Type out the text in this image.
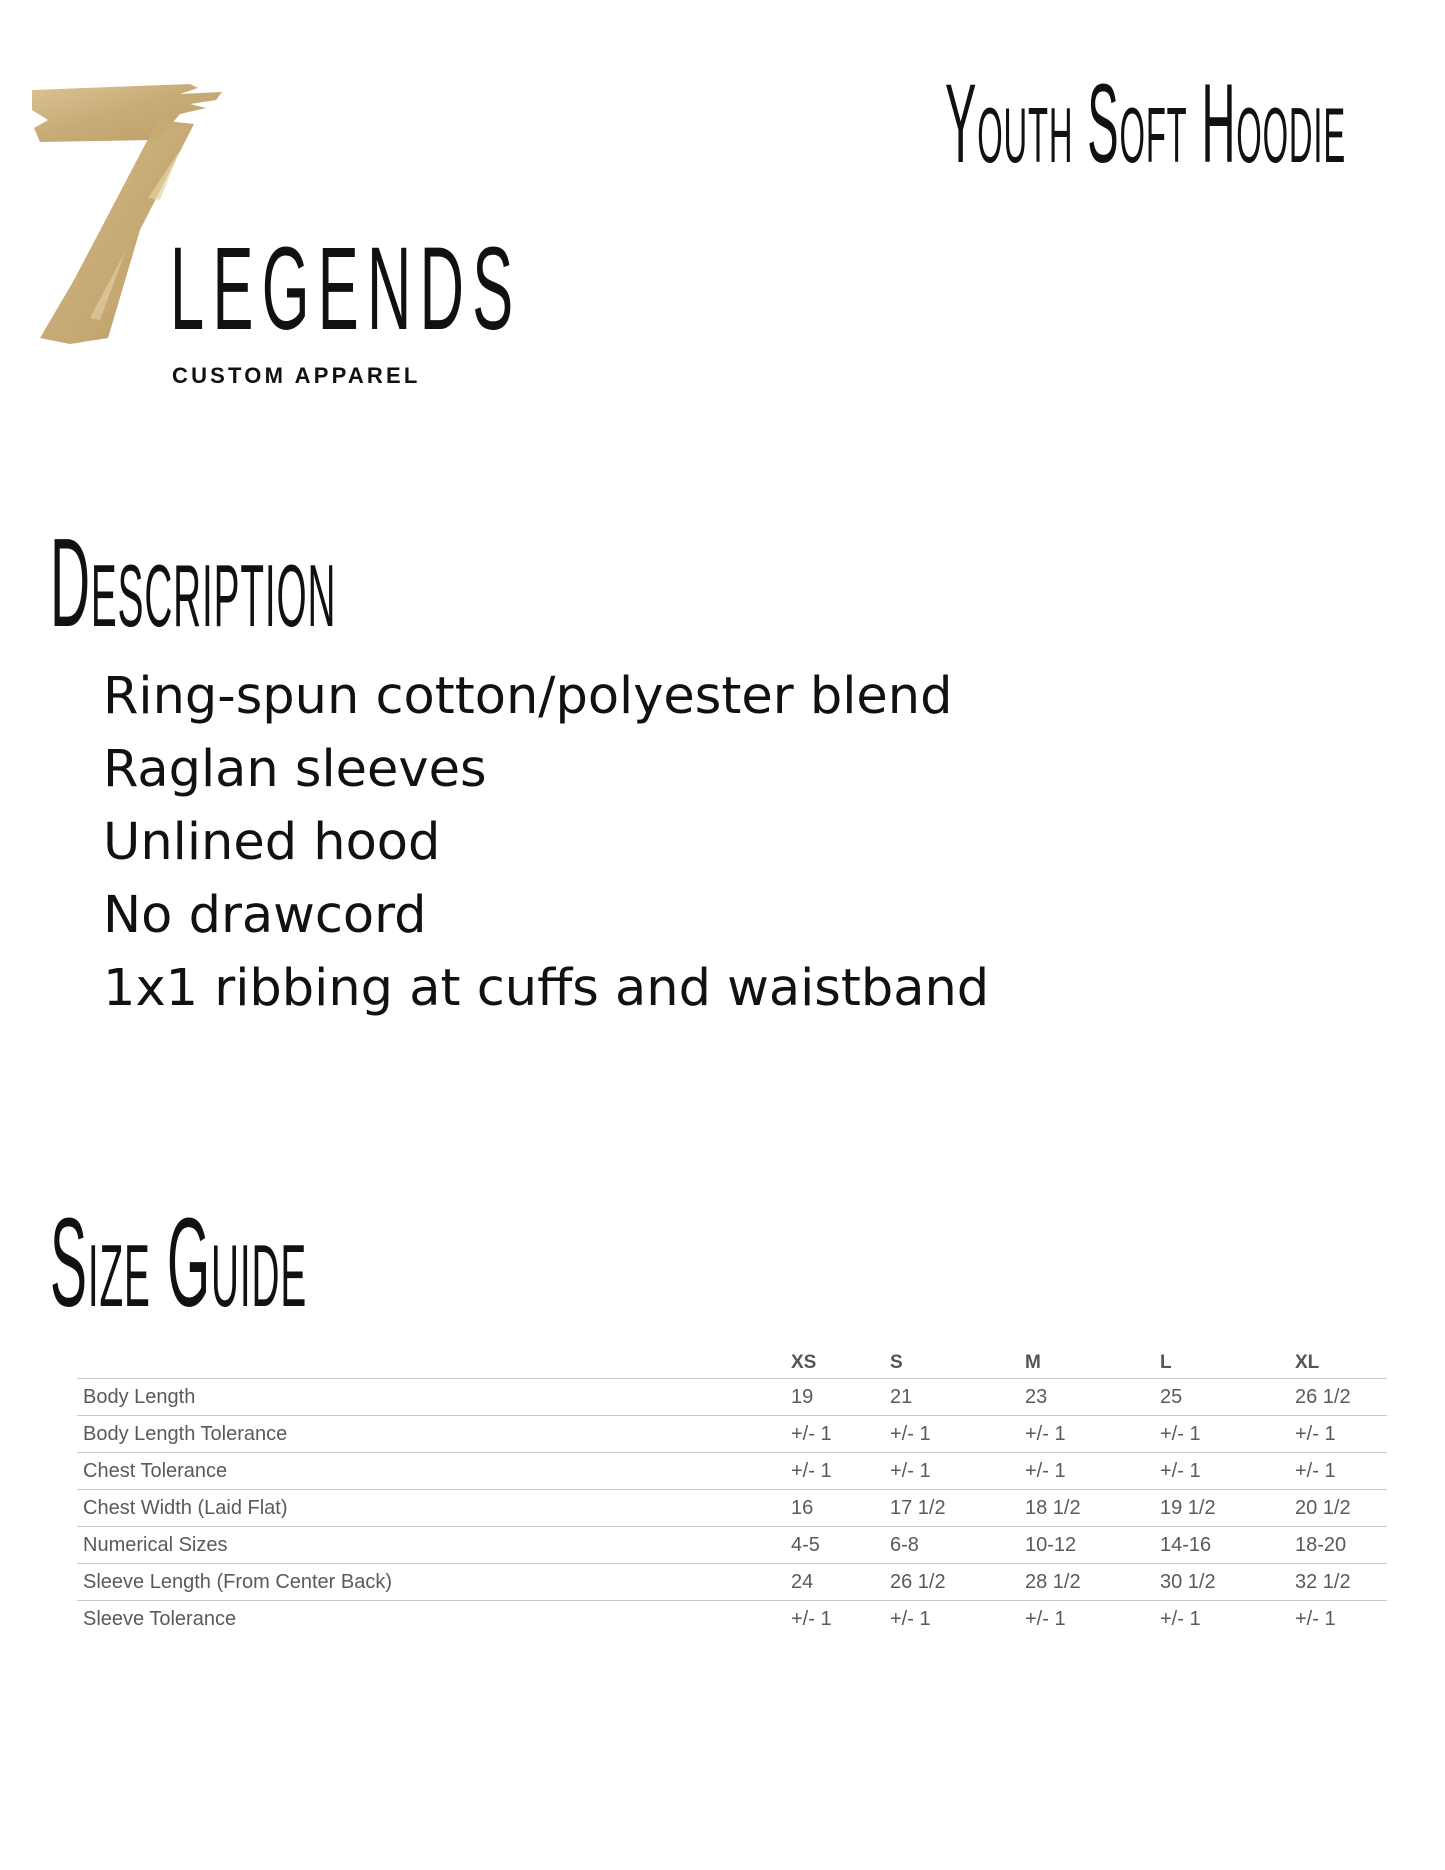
LEGENDS
CUSTOM APPAREL
Youth Soft Hoodie
Description
Ring-spun cotton/polyester blend
Raglan sleeves
Unlined hood
No drawcord
1x1 ribbing at cuffs and waistband
Size Guide
	XS	S	M	L	XL
Body Length	19	21	23	25	26 1/2
Body Length Tolerance	+/- 1	+/- 1	+/- 1	+/- 1	+/- 1
Chest Tolerance	+/- 1	+/- 1	+/- 1	+/- 1	+/- 1
Chest Width (Laid Flat)	16	17 1/2	18 1/2	19 1/2	20 1/2
Numerical Sizes	4-5	6-8	10-12	14-16	18-20
Sleeve Length (From Center Back)	24	26 1/2	28 1/2	30 1/2	32 1/2
Sleeve Tolerance	+/- 1	+/- 1	+/- 1	+/- 1	+/- 1
